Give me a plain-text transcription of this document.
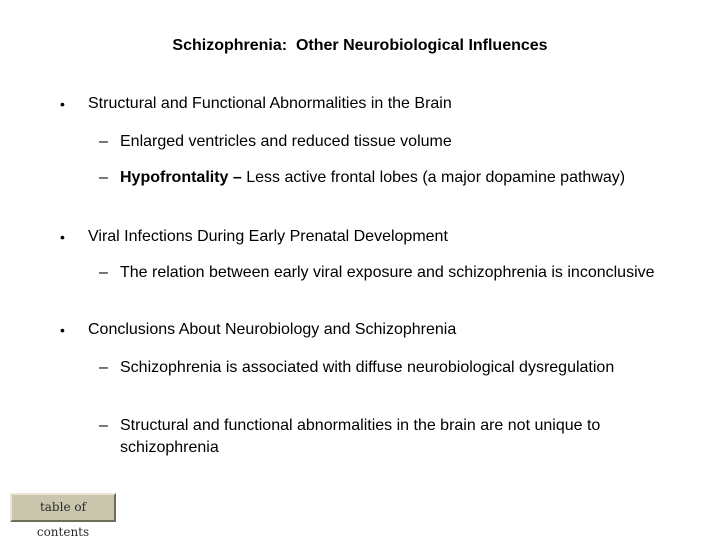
Schizophrenia:  Other Neurobiological Influences
• Structural and Functional Abnormalities in the Brain
– Enlarged ventricles and reduced tissue volume
– Hypofrontality – Less active frontal lobes (a major dopamine pathway)
• Viral Infections During Early Prenatal Development
– The relation between early viral exposure and schizophrenia is inconclusive
• Conclusions About Neurobiology and Schizophrenia
– Schizophrenia is associated with diffuse neurobiological dysregulation
– Structural and functional abnormalities in the brain are not unique to schizophrenia
table of contents
